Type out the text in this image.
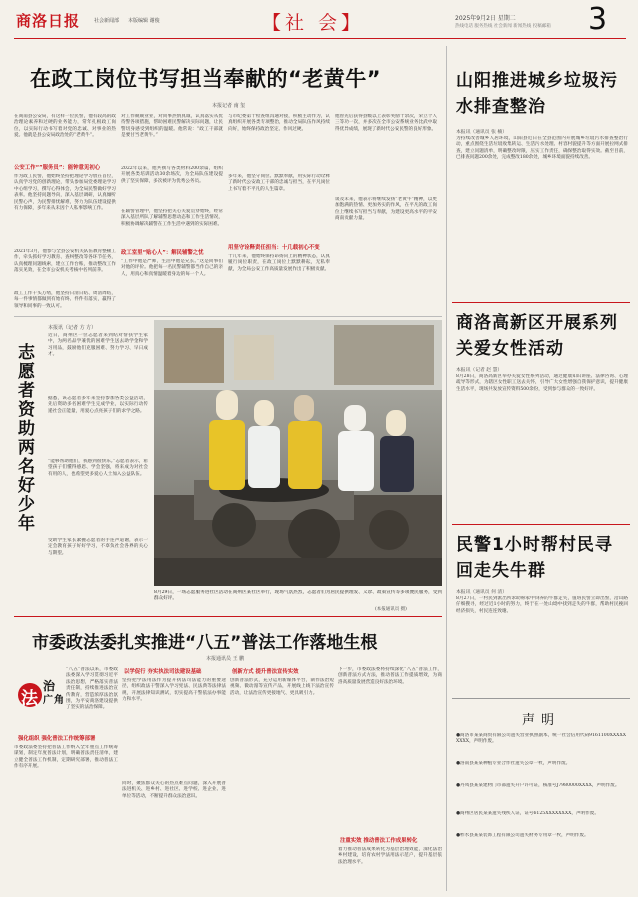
商洛日报	社会新闻部 本版编辑 谢俊	【社 会】	2025年9月2日 星期二
热线电话 服务热线 社会新闻 新闻热线 投稿邮箱 3
在政工岗位书写担当奉献的“老黄牛”
本报记者 南 玺
在商南县公安局，有这样一位民警，他有较高的政治理论素养和过硬的业务能力，常年扎根政工岗位，以实际行动书写着对党的忠诚、对事业的热爱。他就是县公安局政治处的“老黄牛”。
公安工作“”服务员”：能钟意见初心
作为政工民警，他始终坚持把理论学习放在首位，认真学习党的创新理论，带头参加局党委理论学习中心组学习，撰写心得体会，为全局民警做好学习表率。他坚持问题导向，深入基层调研，认真倾听民警心声，为民警排忧解难，努力为队伍建设提供有力保障，多年来从未因个人私事影响工作。
2021年3月，他参与全县公安机关队伍教育整顿工作，牵头抓好学习教育、查纠整改等各环节任务，认真梳理问题线索，建立工作台账，推动整改工作落实见效，在全市公安机关考核中名列前茅。
政工工作千头万绪，他坚持日清日结、周清周结，每一件事情都做到有始有终、件件有落实，赢得了领导和同事的一致认可。
对工作兢兢业业，对同事热情真诚，认真落实从优待警各项措施，帮助困难民警解决实际问题，让民警切身感受到组织的温暖。他常说：“政工干部就是要甘当老黄牛。”
2022年以来，他共撰写各类材料200余篇，组织开展各类培训活动30余场次，为全局队伍建设提供了坚实保障，多次被评为优秀公务员。
在辅警管理中，他坚持把关心关爱贯穿始终，经常深入基层所队了解辅警思想动态和工作生活情况，积极协调解决辅警在工作生活中遇到的实际困难。
政工室里“贴心人”：解民辅警之忧
“工作中他是严师，生活中他是兄长。”这是同事们对他的评价。他把每一名民警辅警都当作自己的亲人，用真心和真情温暖着身边的每一个人。
与市纪委第十检查组沟通对接，积极主动作为，认真组织开展各类专项整治，推动全局队伍作风持续向好，始终保持政治坚定、作风过硬。
多年来，他坚守岗位、默默奉献，用实际行动诠释了新时代公安政工干部的忠诚与担当，在平凡岗位上书写着不平凡的人生篇章。
用坚守诠释责任担当：十几载初心不变
十几年来，他始终保持昂扬向上的精神状态，认真履行岗位职责，在政工岗位上默默耕耘，无私奉献，为全局公安工作高质量发展作出了积极贡献。
他曾先后获得县级以上表彰奖励十余次，荣立个人三等功一次，并多次在全市公安系统业务比武中取得优异成绩，展现了新时代公安民警的良好形象。
谈及未来，他表示将继续发扬“老黄牛”精神，以更加饱满的热情、更加务实的作风，在平凡的政工岗位上继续书写担当与奉献，为建设更高水平的平安商南贡献力量。
志愿者资助两名好少年
本报讯（记者 方 方）
近日，商州区一位志愿者来到结对帮扶学生家中，为两名品学兼优的困难学生送去助学金和学习用品，鼓励他们克服困难、努力学习、早日成才。
据悉，该志愿者多年来坚持参加各类公益活动，先后资助多名困难学生完成学业，以实际行动传递社会正能量，用爱心点亮孩子们的求学之路。
“能够帮助他们，我感到很快乐。”志愿者表示，希望孩子们懂得感恩、学会坚强，将来成为对社会有用的人，也希望更多爱心人士加入公益队伍。
受助学生家长紧握志愿者的手连声道谢，表示一定会教育孩子好好学习，不辜负社会各界的关心与期望。
8月29日，一场志愿服务进社区活动在商州区某社区举行，现场气氛热烈，志愿者们为居民提供理发、义诊、政策宣传等多项便民服务，受到群众好评。
(本报通讯员 摄)
市委政法委扎实推进“八五”普法工作落地生根
本报通讯员 王 鹏
法
治
广 角
“八五”普法以来，市委政法委深入学习贯彻习近平法治思想，严格落实普法责任制，持续推进法治宣传教育，营造浓厚法治氛围，为平安商洛建设提供了坚实的法治保障。
强化组织 强化普法工作统筹部署
市委政法委坚持把普法工作纳入全年重点工作统筹谋划，制定年度普法计划，明确普法责任清单，建立健全普法工作机制，定期研究部署，推动普法工作有序开展。
以学促行 夯实执法司法建设基础
坚持把学法用法作为提升执法司法能力的重要途径，组织政法干警深入学习宪法、民法典等法律法规，开展法律知识测试，切实提高干警依法办事能力和水平。
同时，聚焦群众关心的热点难点问题，深入开展普法进机关、进乡村、进社区、进学校、进企业、进单位等活动，不断提升群众法治意识。
创新方式 提升普法宣传实效
创新普法形式，充分运用新媒体平台，制作法治短视频、微动漫等宣传产品，开展线上线下法治宣传活动，让法治宣传更接地气、更具吸引力。
下一步，市委政法委将持续深化“八五”普法工作，创新普法方式方法，推动普法工作提质增效，为商洛高质量发展营造良好法治环境。
注重实效 推动普法工作成果转化
着力推动普法成果转化为基层治理效能，深化法治乡村建设，培育农村学法用法示范户，提升基层依法治理水平。
山阳推进城乡垃圾污水排查整治
本报讯（通讯员 张 楠）
为持续改善城乡人居环境，山阳县近日在全县范围内开展城乡垃圾污水排查整治行动，重点围绕生活垃圾收集转运、生活污水处理、村容村貌提升等方面开展拉网式排查，建立问题清单，明确整改时限，压实工作责任，确保整治取得实效。截至目前，已排查问题200余处，完成整改180余处，城乡环境面貌持续改善。
商洛高新区开展系列关爱女性活动
本报讯（记者 赵 慧）
8月28日，商洛高新区举办关爱女性系列活动，通过健康知识讲座、法律咨询、心理疏导等形式，为辖区女性职工送去关怀，引导广大女性增强自我保护意识，提升健康生活水平，现场共发放宣传资料500余份，受到参与群众的一致好评。
民警1小时帮村民寻回走失牛群
本报讯（通讯员 何 清）
8月27日，一村民到派出所求助称家中饲养的牛群走失，值班民警立即出警，沿山路仔细搜寻，经过近1小时的努力，终于在一处山坳中找到走失的牛群，帮助村民挽回经济损失，村民连连致谢。
声明
●商洛市某某商贸有限公司遗失营业执照副本，统一社会信用代码9161100XXXXXXXXX，声明作废。
●洛南县某某种植专业合作社遗失公章一枚，声明作废。
●丹凤县某某建材门市部遗失开户许可证，核准号J7980000XXXX，声明作废。
●商州区居民某某遗失残疾人证，证号6125XXXXXXXX，声明作废。
●柞水县某某装饰工程有限公司遗失财务专用章一枚，声明作废。
